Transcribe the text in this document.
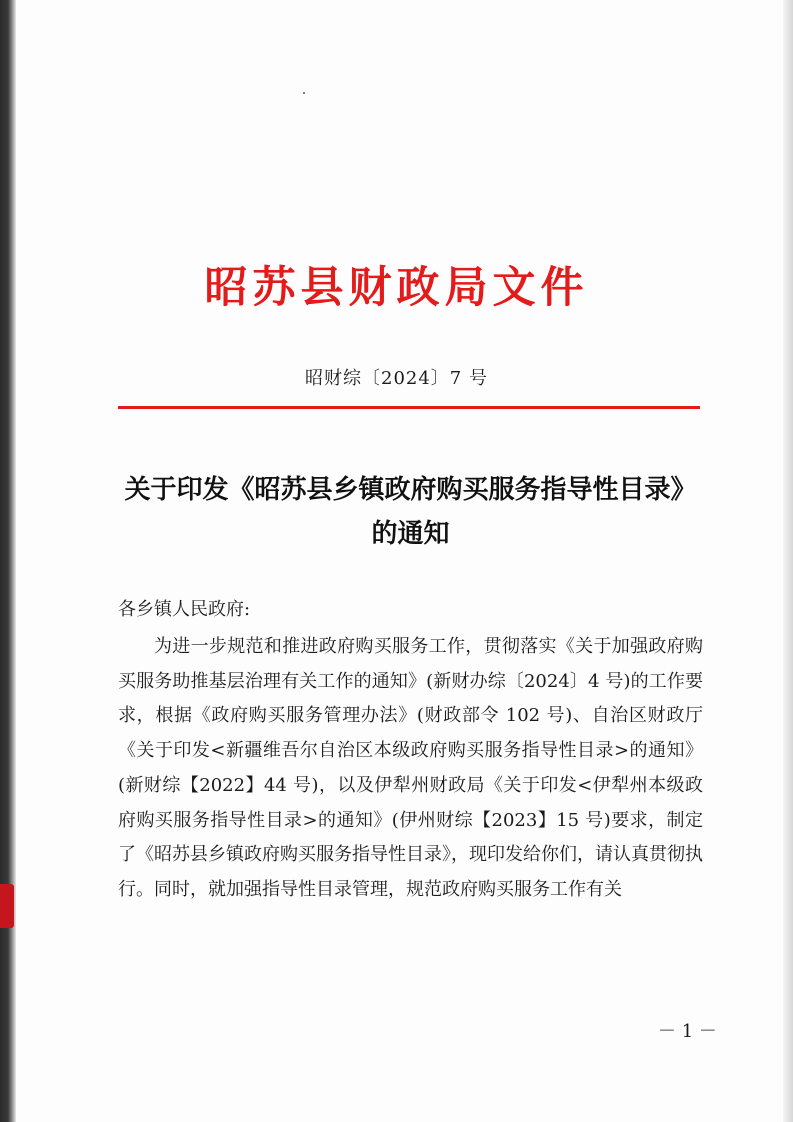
昭苏县财政局文件
昭财综〔2024〕7 号
关于印发《昭苏县乡镇政府购买服务指导性目录》的通知
各乡镇人民政府:
为进一步规范和推进政府购买服务工作，贯彻落实《关于加强政府购买服务助推基层治理有关工作的通知》(新财办综〔2024〕4 号)的工作要求，根据《政府购买服务管理办法》(财政部令 102 号)、自治区财政厅《关于印发<新疆维吾尔自治区本级政府购买服务指导性目录>的通知》(新财综【2022】44 号)，以及伊犁州财政局《关于印发<伊犁州本级政府购买服务指导性目录>的通知》(伊州财综【2023】15 号)要求，制定了《昭苏县乡镇政府购买服务指导性目录》，现印发给你们，请认真贯彻执行。同时，就加强指导性目录管理，规范政府购买服务工作有关
－ 1 －
